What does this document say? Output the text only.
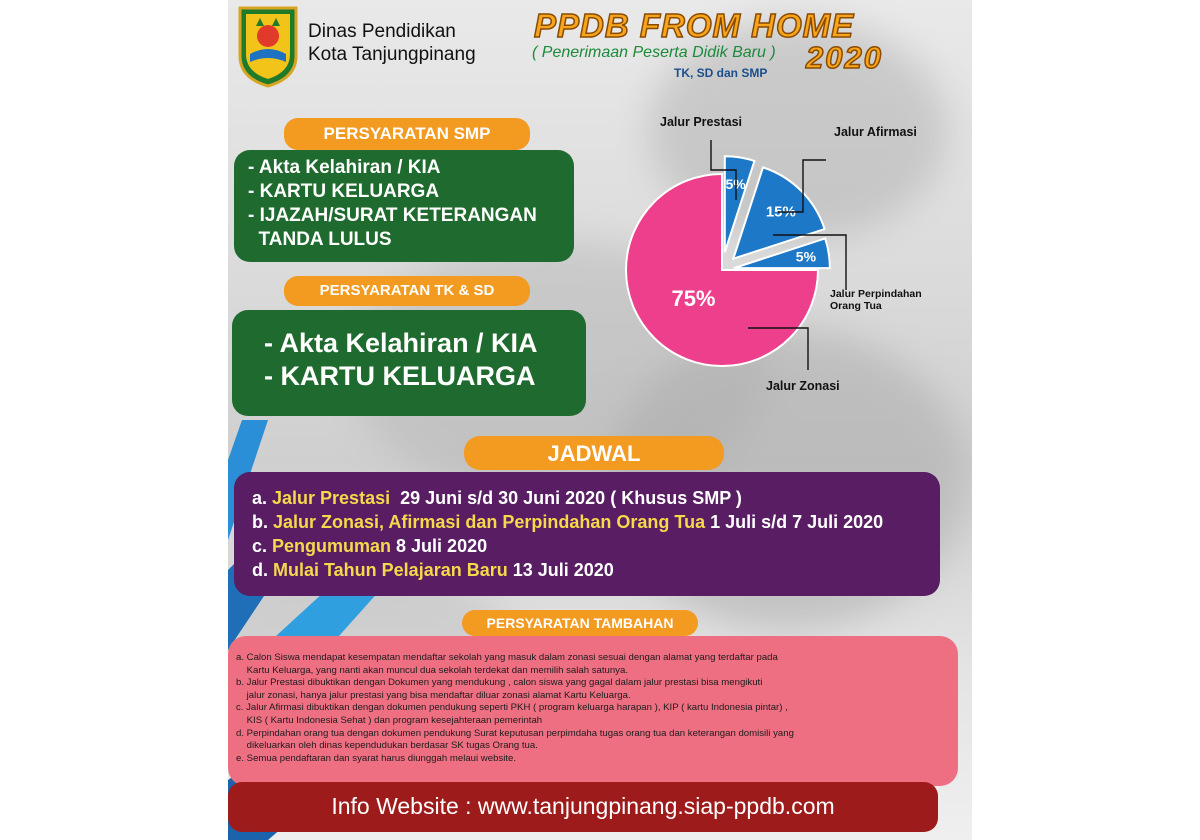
Dinas Pendidikan
Kota Tanjungpinang
PPDB FROM HOME
( Penerimaan Peserta Didik Baru ) 2020
TK, SD dan SMP
PERSYARATAN SMP
- Akta Kelahiran / KIA
- KARTU KELUARGA
- IJAZAH/SURAT KETERANGAN
TANDA LULUS
PERSYARATAN TK & SD
- Akta Kelahiran / KIA
- KARTU KELUARGA
5%
15%
5%
75%
Jalur Prestasi
Jalur Afirmasi
Jalur Perpindahan
Orang Tua
Jalur Zonasi
JADWAL
a. Jalur Prestasi  29 Juni s/d 30 Juni 2020 ( Khusus SMP )
b. Jalur Zonasi, Afirmasi dan Perpindahan Orang Tua 1 Juli s/d 7 Juli 2020
c. Pengumuman 8 Juli 2020
d. Mulai Tahun Pelajaran Baru 13 Juli 2020
PERSYARATAN TAMBAHAN
a. Calon Siswa mendapat kesempatan mendaftar sekolah yang masuk dalam zonasi sesuai dengan alamat yang terdaftar pada
Kartu Keluarga, yang nanti akan muncul dua sekolah terdekat dan memilih salah satunya.
b. Jalur Prestasi dibuktikan dengan Dokumen yang mendukung , calon siswa yang gagal dalam jalur prestasi bisa mengikuti
jalur zonasi, hanya jalur prestasi yang bisa mendaftar diluar zonasi alamat Kartu Keluarga.
c. Jalur Afirmasi dibuktikan dengan dokumen pendukung seperti PKH ( program keluarga harapan ), KIP ( kartu Indonesia pintar) ,
KIS ( Kartu Indonesia Sehat ) dan program kesejahteraan pemerintah
d. Perpindahan orang tua dengan dokumen pendukung Surat keputusan perpimdaha tugas orang tua dan keterangan domisili yang
dikeluarkan oleh dinas kependudukan berdasar SK tugas Orang tua.
e. Semua pendaftaran dan syarat harus diunggah melaui website.
Info Website : www.tanjungpinang.siap-ppdb.com
